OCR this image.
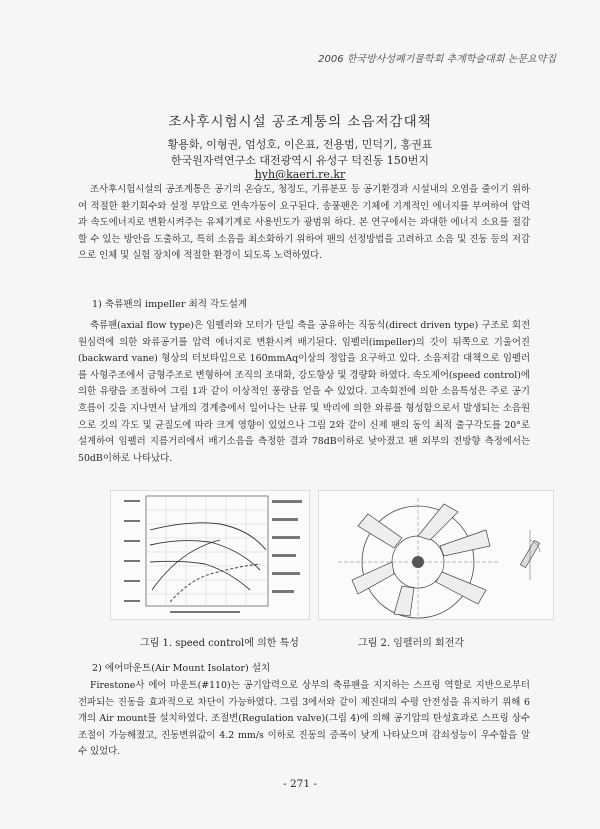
2006 한국방사성폐기물학회 추계학술대회 논문요약집
조사후시험시설 공조계통의 소음저감대책
황용화, 이형권, 엄성호, 이은표, 전용범, 민덕기, 홍권표
한국원자력연구소 대전광역시 유성구 덕진동 150번지
hyh@kaeri.re.kr
조사후시험시설의 공조계통은 공기의 온습도, 청정도, 기류분포 등 공기환경과 시설내의 오염을 줄이기 위하여 적절한 환기회수와 설정 부압으로 연속가동이 요구된다. 송풍팬은 기체에 기계적인 에너지를 부여하여 압력과 속도에너지로 변환시켜주는 유체기계로 사용빈도가 광범위 하다. 본 연구에서는 과대한 에너지 소요를 절감할 수 있는 방안을 도출하고, 특히 소음을 최소화하기 위하여 팬의 선정방법을 고려하고 소음 및 진동 등의 저감으로 인체 및 실험 장치에 적절한 환경이 되도록 노력하였다.
1) 축류팬의 impeller 최적 각도설계
축류팬(axial flow type)은 임펠러와 모터가 단일 축을 공유하는 직동식(direct driven type) 구조로 회전 원심력에 의한 와류공기를 압력 에너지로 변환시켜 배기된다. 임펠러(impeller)의 깃이 뒤쪽으로 기울어진(backward vane) 형상의 터보타입으로 160mmAq이상의 정압을 요구하고 있다. 소음저감 대책으로 임펠러를 사형주조에서 금형주조로 변형하여 조직의 조대화, 강도향상 및 경량화 하였다. 속도제어(speed control)에 의한 유량을 조절하여 그림 1과 같이 이상적인 풍량을 얻을 수 있었다. 고속회전에 의한 소음특성은 주로 공기 흐름이 깃을 지나면서 날개의 경계층에서 일어나는 난류 및 박리에 의한 와류를 형성함으로서 발생되는 소음원으로 깃의 각도 및 균질도에 따라 크게 영향이 있었으나 그림 2와 같이 신제 팬의 동익 최적 출구각도를 20°로 설계하여 임펠러 지름거리에서 배기소음을 측정한 결과 78dB이하로 낮아졌고 팬 외부의 전방향 측정에서는 50dB이하로 나타났다.
그림 1. speed control에 의한 특성	그림 2. 임펠러의 회전각
2) 에어마운트(Air Mount Isolator) 설치
Firestone사 에어 마운트(#110)는 공기압력으로 상부의 축류팬을 지지하는 스프링 역할로 지반으로부터 전파되는 진동을 효과적으로 차단이 가능하였다. 그림 3에서와 같이 제진대의 수평 안전성을 유지하기 위해 6개의 Air mount를 설치하였다. 조절변(Regulation valve)(그림 4)에 의해 공기압의 탄성효과로 스프링 상수 조절이 가능해졌고, 진동변위값이 4.2 mm/s 이하로 진동의 증폭이 낮게 나타났으며 감쇠성능이 우수함을 알 수 있었다.
- 271 -
